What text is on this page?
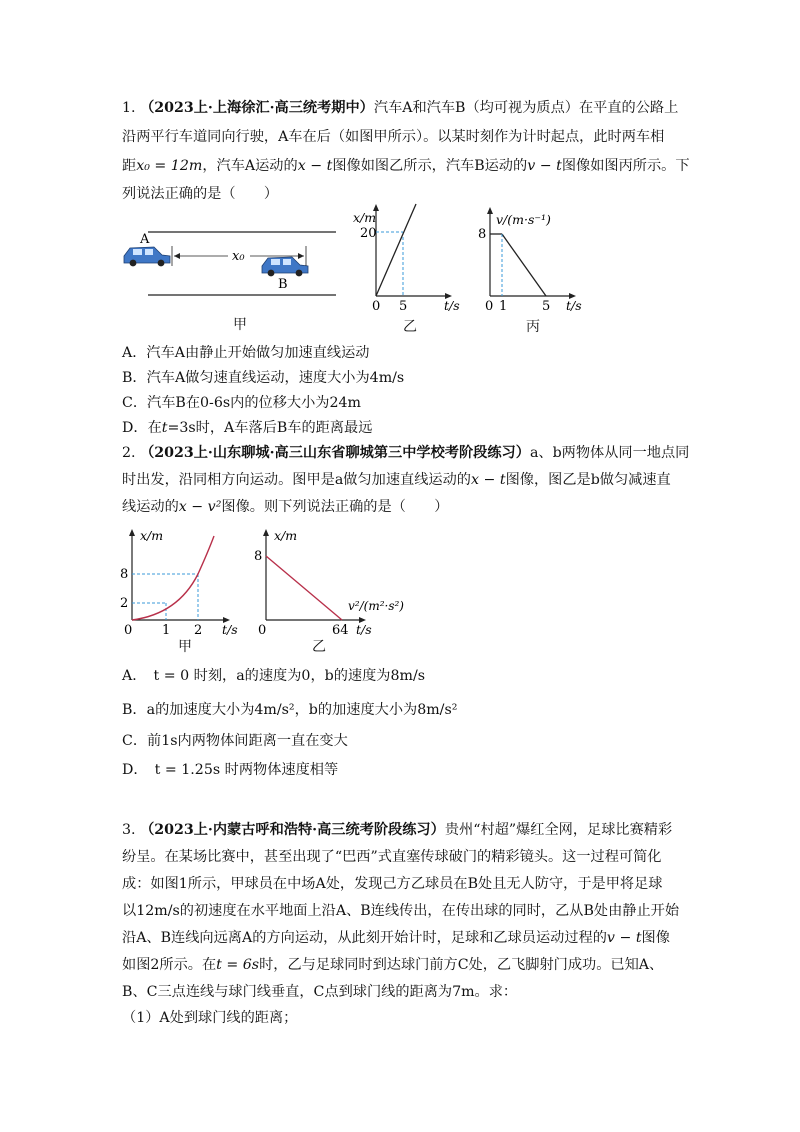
1. （2023上·上海徐汇·高三统考期中）汽车A和汽车B（均可视为质点）在平直的公路上
沿两平行车道同向行驶，A车在后（如图甲所示）。以某时刻作为计时起点，此时两车相
距x₀ = 12m，汽车A运动的x − t图像如图乙所示，汽车B运动的v − t图像如图丙所示。下
列说法正确的是（　　）
A
B
x₀
甲
x/m
20
5
0	t/s
乙
v/(m·s⁻¹)
8
1	5
0	t/s
丙
A．汽车A由静止开始做匀加速直线运动
B．汽车A做匀速直线运动，速度大小为4m/s
C．汽车B在0-6s内的位移大小为24m
D．在t=3s时，A车落后B车的距离最远
2. （2023上·山东聊城·高三山东省聊城第三中学校考阶段练习）a、b两物体从同一地点同
时出发，沿同相方向运动。图甲是a做匀加速直线运动的x − t图像，图乙是b做匀减速直
线运动的x − v²图像。则下列说法正确的是（　　）
x/m
8
2
1 2
0	t/s
甲
x/m
8
v²/(m²·s²)
64
0	t/s
乙
A．　t = 0 时刻，a的速度为0，b的速度为8m/s
B．a的加速度大小为4m/s²，b的加速度大小为8m/s²
C．前1s内两物体间距离一直在变大
D．　t = 1.25s 时两物体速度相等
3. （2023上·内蒙古呼和浩特·高三统考阶段练习）贵州“村超”爆红全网，足球比赛精彩
纷呈。在某场比赛中，甚至出现了“巴西”式直塞传球破门的精彩镜头。这一过程可简化
成：如图1所示，甲球员在中场A处，发现己方乙球员在B处且无人防守，于是甲将足球
以12m/s的初速度在水平地面上沿A、B连线传出，在传出球的同时，乙从B处由静止开始
沿A、B连线向远离A的方向运动，从此刻开始计时，足球和乙球员运动过程的v − t图像
如图2所示。在t = 6s时，乙与足球同时到达球门前方C处，乙飞脚射门成功。已知A、
B、C三点连线与球门线垂直，C点到球门线的距离为7m。求：
（1）A处到球门线的距离；
